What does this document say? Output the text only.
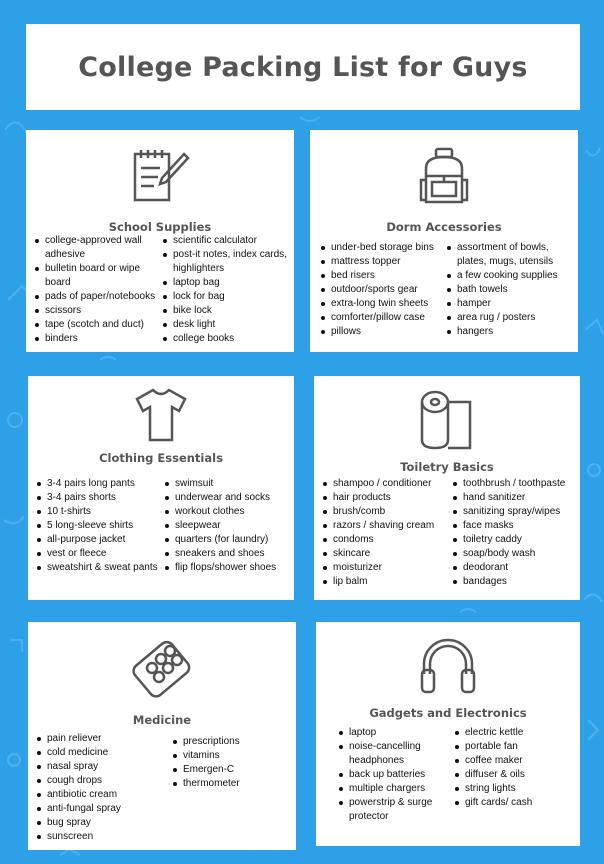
College Packing List for Guys
School Supplies
college-approved wall adhesive
bulletin board or wipe board
pads of paper/notebooks
scissors
tape (scotch and duct)
binders
scientific calculator
post-it notes, index cards, highlighters
laptop bag
lock for bag
bike lock
desk light
college books
Dorm Accessories
under-bed storage bins
mattress topper
bed risers
outdoor/sports gear
extra-long twin sheets
comforter/pillow case
pillows
assortment of bowls, plates, mugs, utensils
a few cooking supplies
bath towels
hamper
area rug / posters
hangers
Clothing Essentials
3-4 pairs long pants
3-4 pairs shorts
10 t-shirts
5 long-sleeve shirts
all-purpose jacket
vest or fleece
sweatshirt & sweat pants
swimsuit
underwear and socks
workout clothes
sleepwear
quarters (for laundry)
sneakers and shoes
flip flops/shower shoes
Toiletry Basics
shampoo / conditioner
hair products
brush/comb
razors / shaving cream
condoms
skincare
moisturizer
lip balm
toothbrush / toothpaste
hand sanitizer
sanitizing spray/wipes
face masks
toiletry caddy
soap/body wash
deodorant
bandages
Medicine
pain reliever
cold medicine
nasal spray
cough drops
antibiotic cream
anti-fungal spray
bug spray
sunscreen
prescriptions
vitamins
Emergen-C
thermometer
Gadgets and Electronics
laptop
noise-cancelling headphones
back up batteries
multiple chargers
powerstrip & surge protector
electric kettle
portable fan
coffee maker
diffuser & oils
string lights
gift cards/ cash
